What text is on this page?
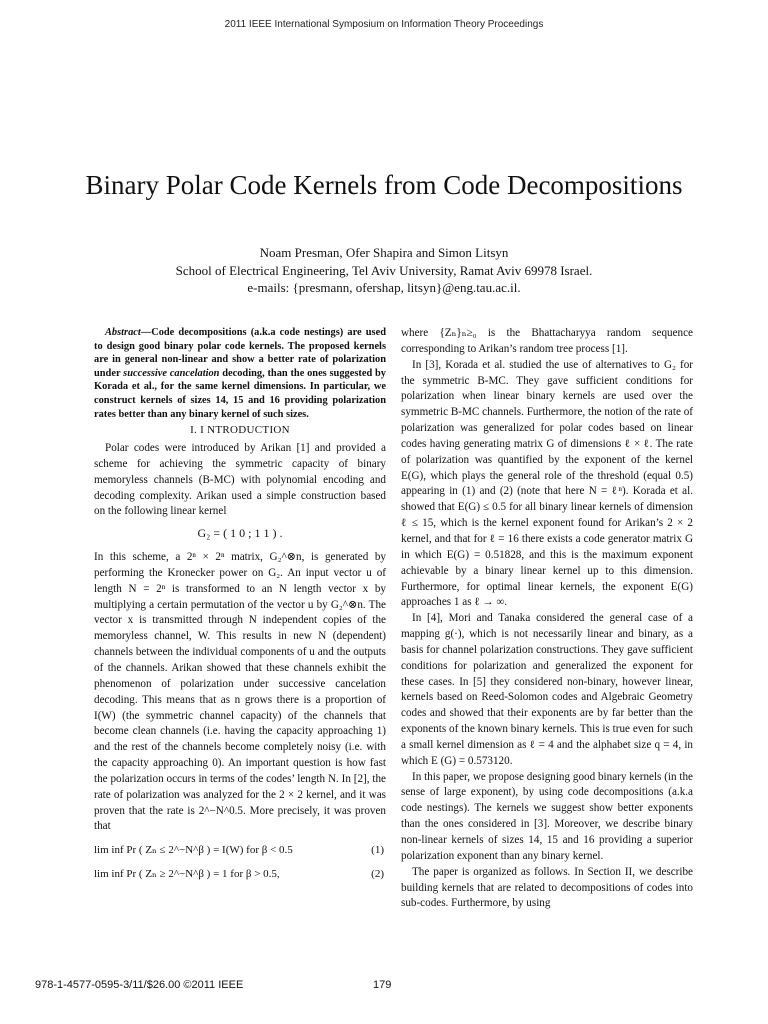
2011 IEEE International Symposium on Information Theory Proceedings
Binary Polar Code Kernels from Code Decompositions
Noam Presman, Ofer Shapira and Simon Litsyn
School of Electrical Engineering, Tel Aviv University, Ramat Aviv 69978 Israel.
e-mails: {presmann, ofershap, litsyn}@eng.tau.ac.il.

Abstract—Code decompositions (a.k.a code nestings) are used to design good binary polar code kernels. The proposed kernels are in general non-linear and show a better rate of polarization under successive cancelation decoding, than the ones suggested by Korada et al., for the same kernel dimensions. In particular, we construct kernels of sizes 14, 15 and 16 providing polarization rates better than any binary kernel of such sizes.

I. I NTRODUCTION

Polar codes were introduced by Arikan [1] and provided a scheme for achieving the symmetric capacity of binary memoryless channels (B-MC) with polynomial encoding and decoding complexity. Arikan used a simple construction based on the following linear kernel

G₂ = ( 1 0 ; 1 1 ) .

In this scheme, a 2ⁿ × 2ⁿ matrix, G₂^⊗n, is generated by performing the Kronecker power on G₂. An input vector u of length N = 2ⁿ is transformed to an N length vector x by multiplying a certain permutation of the vector u by G₂^⊗n. The vector x is transmitted through N independent copies of the memoryless channel, W. This results in new N (dependent) channels between the individual components of u and the outputs of the channels. Arikan showed that these channels exhibit the phenomenon of polarization under successive cancelation decoding. This means that as n grows there is a proportion of I(W) (the symmetric channel capacity) of the channels that become clean channels (i.e. having the capacity approaching 1) and the rest of the channels become completely noisy (i.e. with the capacity approaching 0). An important question is how fast the polarization occurs in terms of the codes’ length N. In [2], the rate of polarization was analyzed for the 2 × 2 kernel, and it was proven that the rate is 2^−N^0.5. More precisely, it was proven that

lim inf Pr ( Zₙ ≤ 2^−N^β ) = I(W) for β < 0.5	(1)
lim inf Pr ( Zₙ ≥ 2^−N^β ) = 1 for β > 0.5,	(2)

where {Zₙ}ₙ≥₀ is the Bhattacharyya random sequence corresponding to Arikan’s random tree process [1].

In [3], Korada et al. studied the use of alternatives to G₂ for the symmetric B-MC. They gave sufficient conditions for polarization when linear binary kernels are used over the symmetric B-MC channels. Furthermore, the notion of the rate of polarization was generalized for polar codes based on linear codes having generating matrix G of dimensions ℓ × ℓ. The rate of polarization was quantified by the exponent of the kernel E(G), which plays the general role of the threshold (equal 0.5) appearing in (1) and (2) (note that here N = ℓⁿ). Korada et al. showed that E(G) ≤ 0.5 for all binary linear kernels of dimension ℓ ≤ 15, which is the kernel exponent found for Arikan’s 2 × 2 kernel, and that for ℓ = 16 there exists a code generator matrix G in which E(G) = 0.51828, and this is the maximum exponent achievable by a binary linear kernel up to this dimension. Furthermore, for optimal linear kernels, the exponent E(G) approaches 1 as ℓ → ∞.

In [4], Mori and Tanaka considered the general case of a mapping g(·), which is not necessarily linear and binary, as a basis for channel polarization constructions. They gave sufficient conditions for polarization and generalized the exponent for these cases. In [5] they considered non-binary, however linear, kernels based on Reed-Solomon codes and Algebraic Geometry codes and showed that their exponents are by far better than the exponents of the known binary kernels. This is true even for such a small kernel dimension as ℓ = 4 and the alphabet size q = 4, in which E (G) = 0.573120.

In this paper, we propose designing good binary kernels (in the sense of large exponent), by using code decompositions (a.k.a code nestings). The kernels we suggest show better exponents than the ones considered in [3]. Moreover, we describe binary non-linear kernels of sizes 14, 15 and 16 providing a superior polarization exponent than any binary kernel.

The paper is organized as follows. In Section II, we describe building kernels that are related to decompositions of codes into sub-codes. Furthermore, by using

978-1-4577-0595-3/11/$26.00 ©2011 IEEE	179
